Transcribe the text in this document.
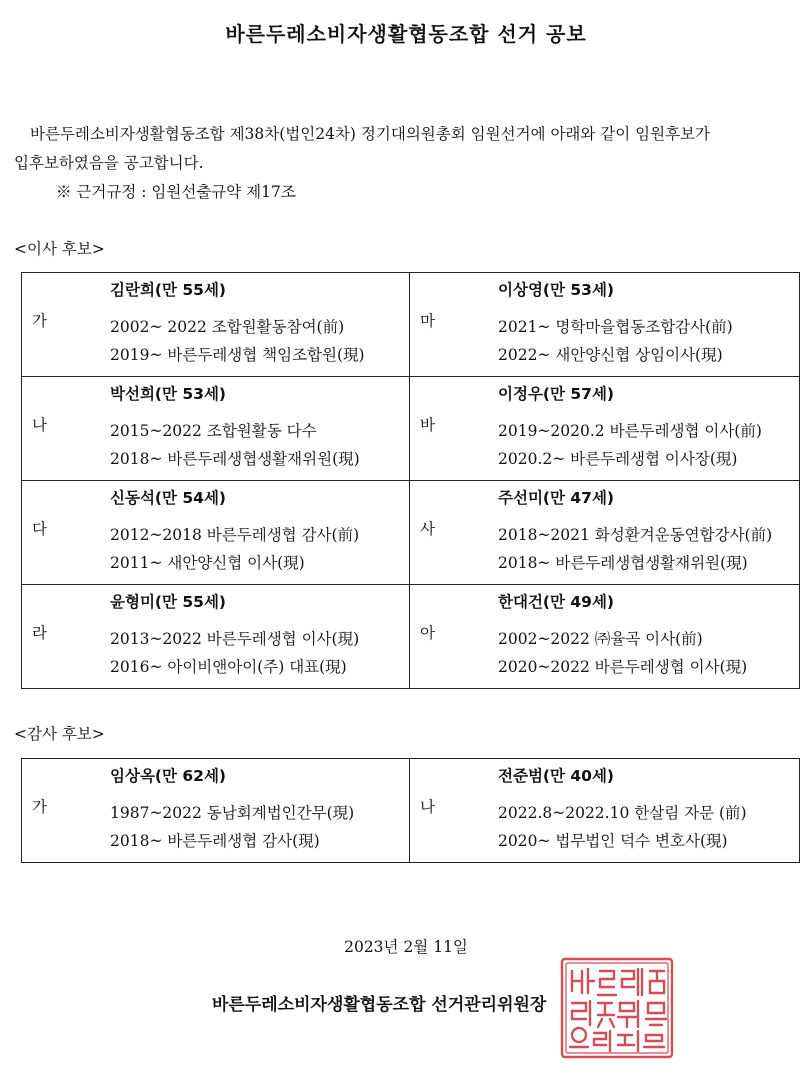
바른두레소비자생활협동조합 선거 공보
바른두레소비자생활협동조합 제38차(법인24차) 정기대의원총회 임원선거에 아래와 같이 임원후보가 입후보하였음을 공고합니다.
※ 근거규정 : 임원선출규약 제17조
<이사 후보>
가
김란희(만 55세)
2002~ 2022 조합원활동참여(前)
2019~ 바른두레생협 책임조합원(現)	마
이상영(만 53세)
2021~ 명학마을협동조합감사(前)
2022~ 새안양신협 상임이사(現)

나
박선희(만 53세)
2015~2022 조합원활동 다수
2018~ 바른두레생협생활재위원(現)	바
이정우(만 57세)
2019~2020.2 바른두레생협 이사(前)
2020.2~ 바른두레생협 이사장(現)

다
신동석(만 54세)
2012~2018 바른두레생협 감사(前)
2011~ 새안양신협 이사(現)	사
주선미(만 47세)
2018~2021 화성환겨운동연합강사(前)
2018~ 바른두레생협생활재위원(現)

라
윤형미(만 55세)
2013~2022 바른두레생협 이사(現)
2016~ 아이비앤아이(주) 대표(現)	아
한대건(만 49세)
2002~2022 ㈜율곡 이사(前)
2020~2022 바른두레생협 이사(現)
<감사 후보>
가
임상옥(만 62세)
1987~2022 동남회계법인간무(現)
2018~ 바른두레생협 감사(現)

나
전준범(만 40세)
2022.8~2022.10 한살림 자문 (前)
2020~ 법무법인 덕수 변호사(現)
2023년 2월 11일
바른두레소비자생활협동조합 선거관리위원장
